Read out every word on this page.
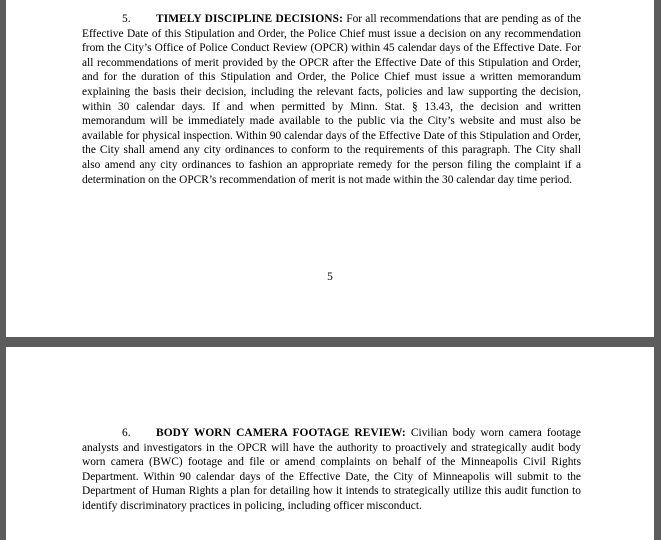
5. TIMELY DISCIPLINE DECISIONS: For all recommendations that are pending as of the Effective Date of this Stipulation and Order, the Police Chief must issue a decision on any recommendation from the City’s Office of Police Conduct Review (OPCR) within 45 calendar days of the Effective Date. For all recommendations of merit provided by the OPCR after the Effective Date of this Stipulation and Order, and for the duration of this Stipulation and Order, the Police Chief must issue a written memorandum explaining the basis their decision, including the relevant facts, policies and law supporting the decision, within 30 calendar days. If and when permitted by Minn. Stat. § 13.43, the decision and written memorandum will be immediately made available to the public via the City’s website and must also be available for physical inspection. Within 90 calendar days of the Effective Date of this Stipulation and Order, the City shall amend any city ordinances to conform to the requirements of this paragraph. The City shall also amend any city ordinances to fashion an appropriate remedy for the person filing the complaint if a determination on the OPCR’s recommendation of merit is not made within the 30 calendar day time period.

5

6. BODY WORN CAMERA FOOTAGE REVIEW: Civilian body worn camera footage analysts and investigators in the OPCR will have the authority to proactively and strategically audit body worn camera (BWC) footage and file or amend complaints on behalf of the Minneapolis Civil Rights Department. Within 90 calendar days of the Effective Date, the City of Minneapolis will submit to the Department of Human Rights a plan for detailing how it intends to strategically utilize this audit function to identify discriminatory practices in policing, including officer misconduct.
